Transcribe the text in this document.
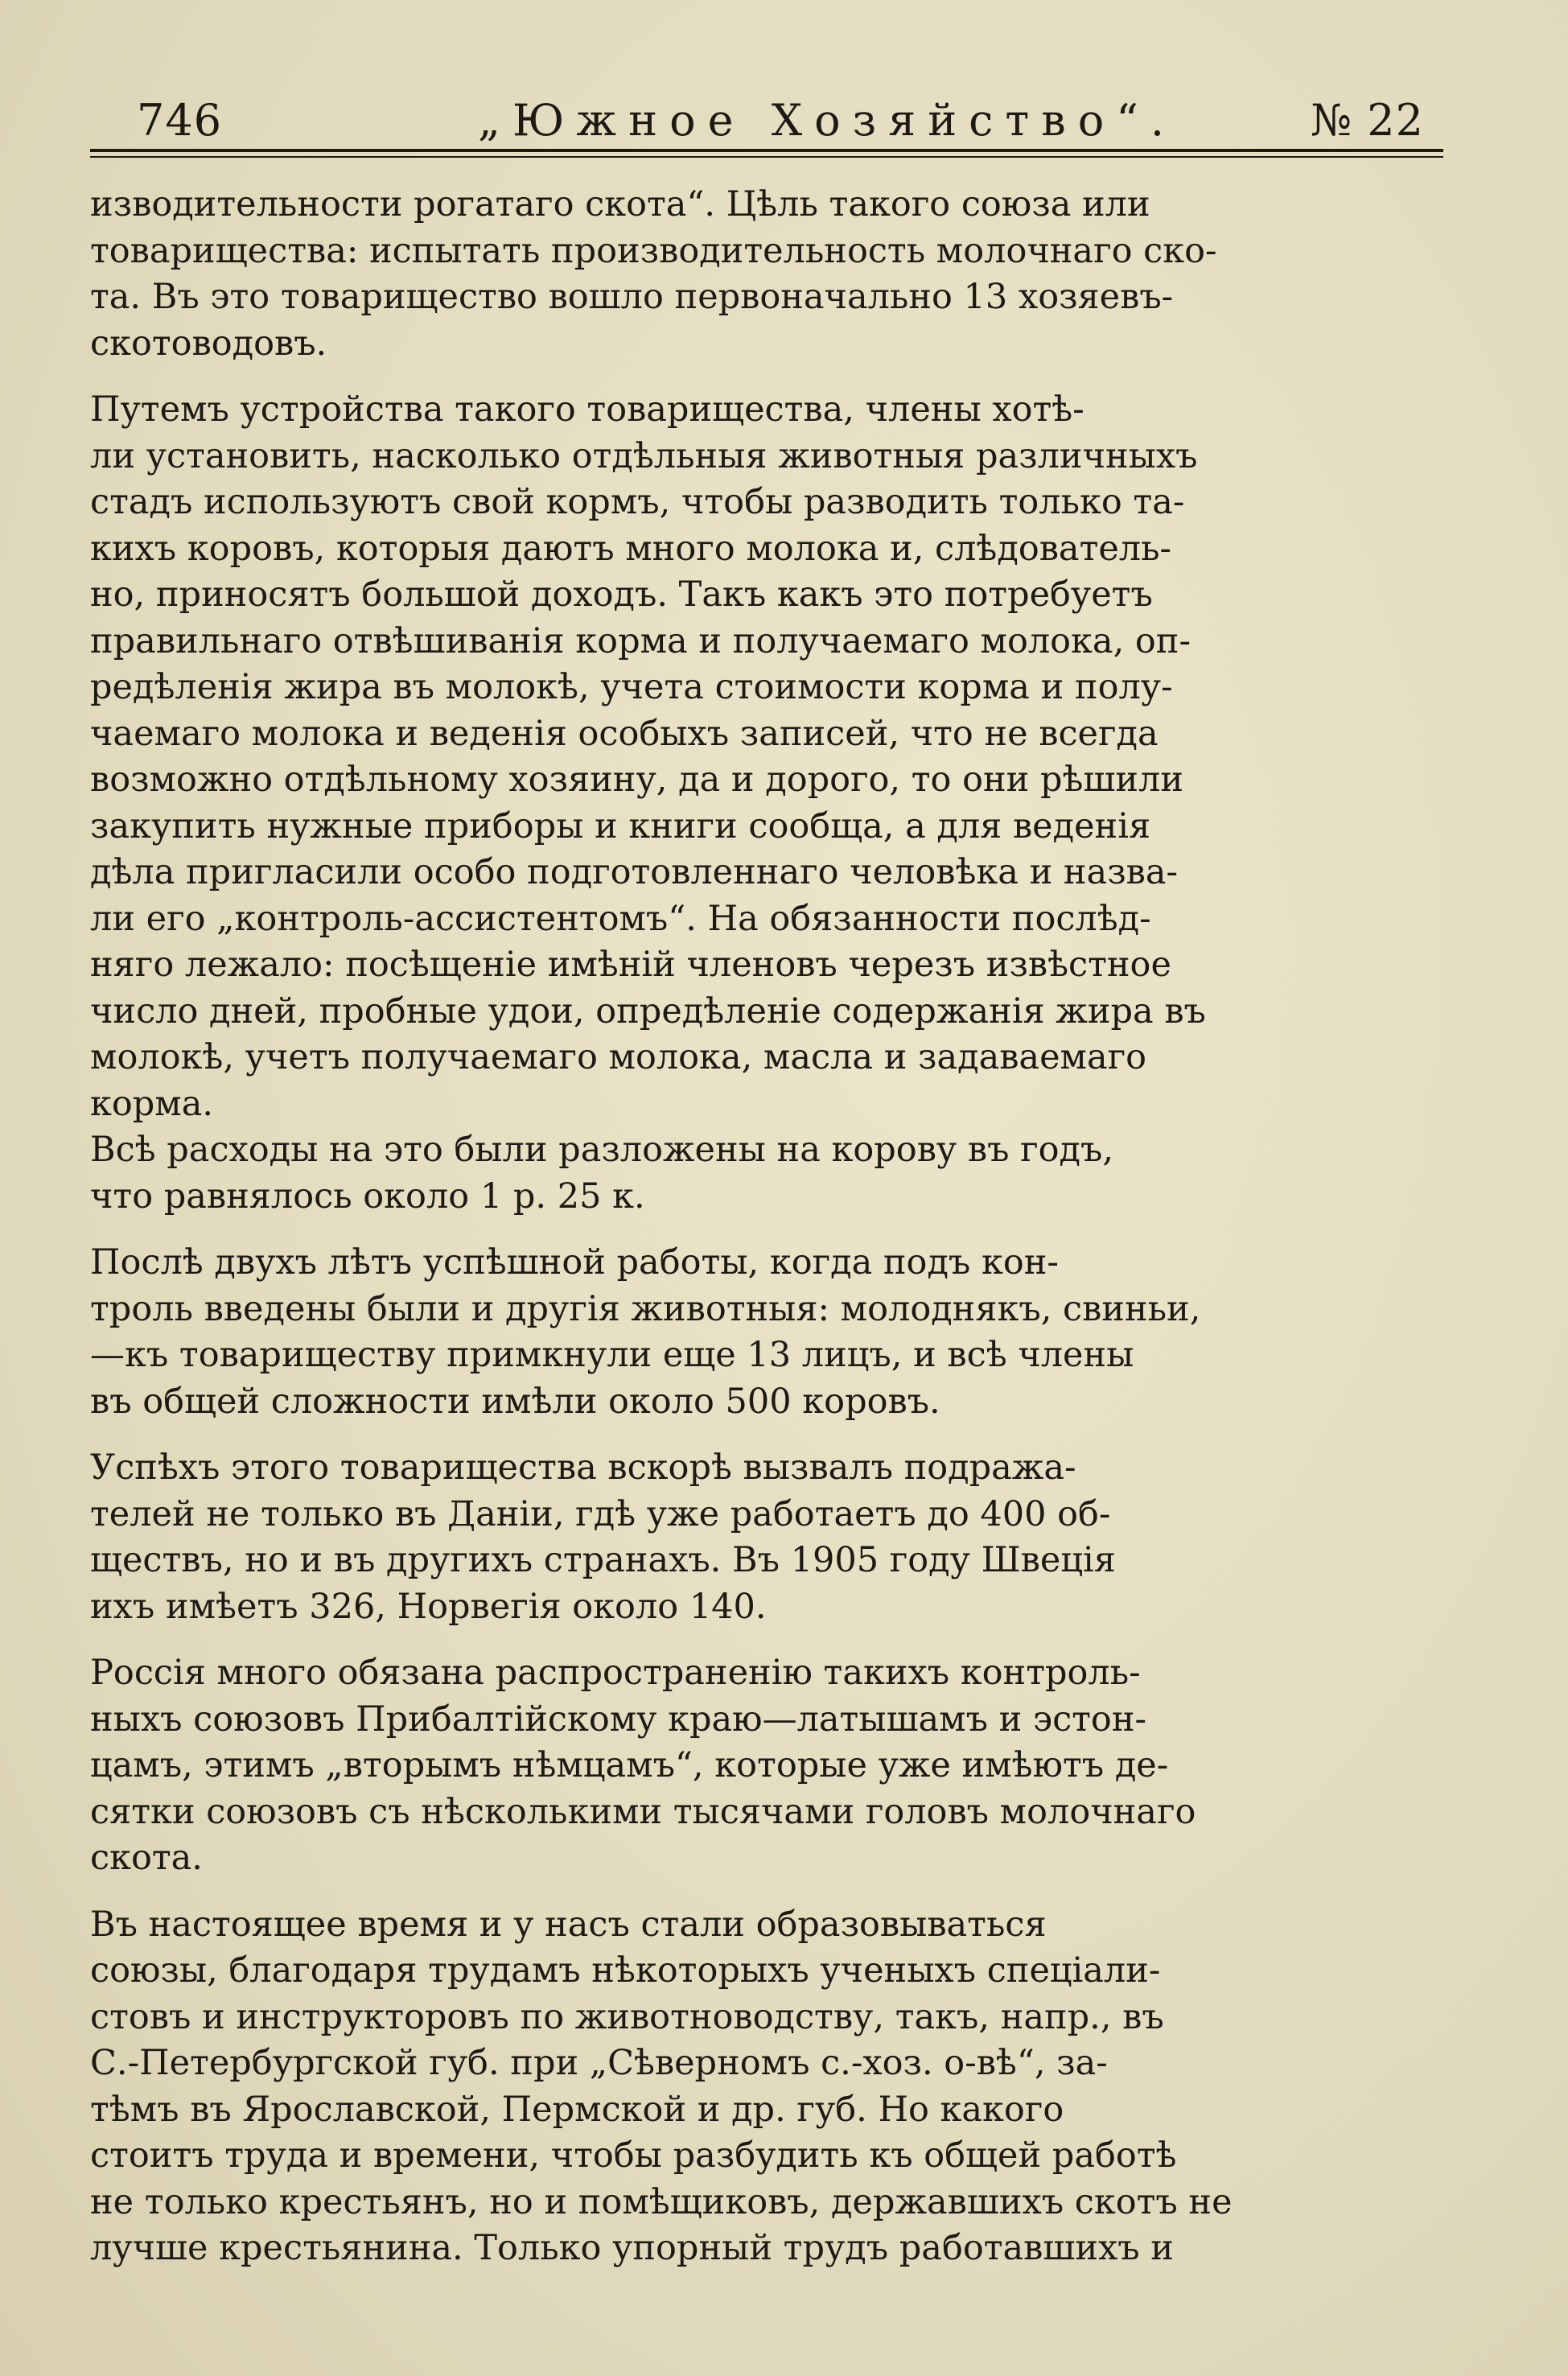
746	„Южное Хозяйство“.	№ 22
изводительности рогатаго скота“. Цѣль такого союза или
товарищества: испытать производительность молочнаго ско-
та. Въ это товарищество вошло первоначально 13 хозяевъ-
скотоводовъ.
Путемъ устройства такого товарищества, члены хотѣ-
ли установить, насколько отдѣльныя животныя различныхъ
стадъ используютъ свой кормъ, чтобы разводить только та-
кихъ коровъ, которыя даютъ много молока и, слѣдователь-
но, приносятъ большой доходъ. Такъ какъ это потребуетъ
правильнаго отвѣшиванія корма и получаемаго молока, оп-
редѣленія жира въ молокѣ, учета стоимости корма и полу-
чаемаго молока и веденія особыхъ записей, что не всегда
возможно отдѣльному хозяину, да и дорого, то они рѣшили
закупить нужные приборы и книги сообща, а для веденія
дѣла пригласили особо подготовленнаго человѣка и назва-
ли его „контроль-ассистентомъ“. На обязанности послѣд-
няго лежало: посѣщеніе имѣній членовъ черезъ извѣстное
число дней, пробные удои, опредѣленіе содержанія жира въ
молокѣ, учетъ получаемаго молока, масла и задаваемаго
корма.
Всѣ расходы на это были разложены на корову въ годъ,
что равнялось около 1 р. 25 к.
Послѣ двухъ лѣтъ успѣшной работы, когда подъ кон-
троль введены были и другія животныя: молоднякъ, свиньи,
—къ товариществу примкнули еще 13 лицъ, и всѣ члены
въ общей сложности имѣли около 500 коровъ.
Успѣхъ этого товарищества вскорѣ вызвалъ подража-
телей не только въ Даніи, гдѣ уже работаетъ до 400 об-
ществъ, но и въ другихъ странахъ. Въ 1905 году Швеція
ихъ имѣетъ 326, Норвегія около 140.
Россія много обязана распространенію такихъ контроль-
ныхъ союзовъ Прибалтійскому краю—латышамъ и эстон-
цамъ, этимъ „вторымъ нѣмцамъ“, которые уже имѣютъ де-
сятки союзовъ съ нѣсколькими тысячами головъ молочнаго
скота.
Въ настоящее время и у насъ стали образовываться
союзы, благодаря трудамъ нѣкоторыхъ ученыхъ спеціали-
стовъ и инструкторовъ по животноводству, такъ, напр., въ
С.-Петербургской губ. при „Сѣверномъ с.-хоз. о-вѣ“, за-
тѣмъ въ Ярославской, Пермской и др. губ. Но какого
стоитъ труда и времени, чтобы разбудить къ общей работѣ
не только крестьянъ, но и помѣщиковъ, державшихъ скотъ не
лучше крестьянина. Только упорный трудъ работавшихъ и
